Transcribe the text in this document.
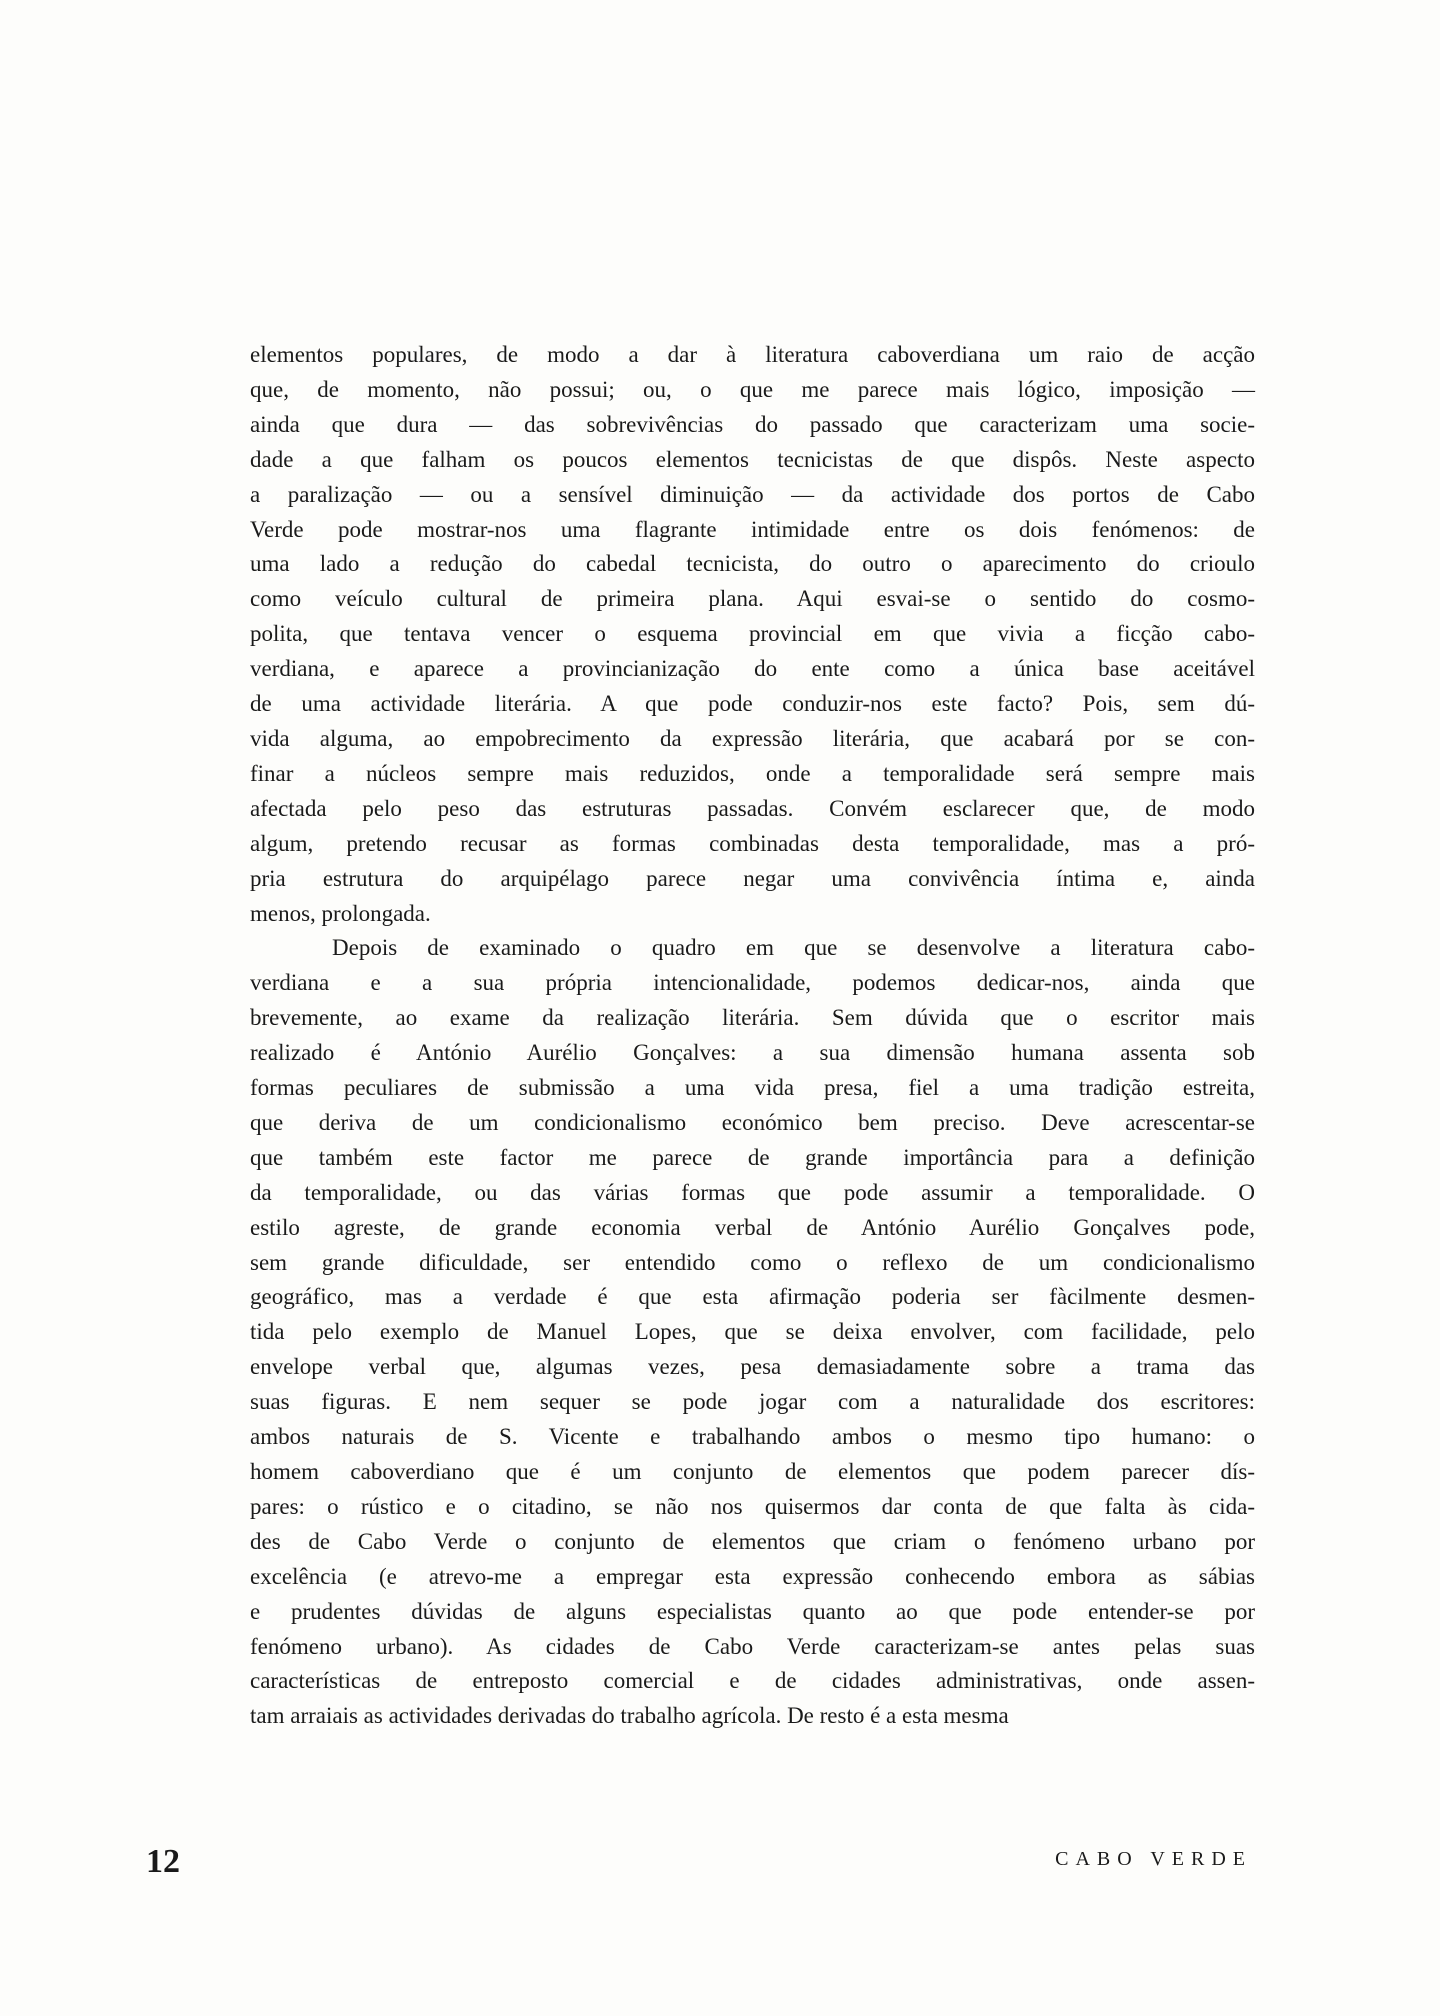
elementos populares, de modo a dar à literatura caboverdiana um raio de acção
que, de momento, não possui; ou, o que me parece mais lógico, imposição —
ainda que dura — das sobrevivências do passado que caracterizam uma socie-
dade a que falham os poucos elementos tecnicistas de que dispôs. Neste aspecto
a paralização — ou a sensível diminuição — da actividade dos portos de Cabo
Verde pode mostrar-nos uma flagrante intimidade entre os dois fenómenos: de
uma lado a redução do cabedal tecnicista, do outro o aparecimento do crioulo
como veículo cultural de primeira plana. Aqui esvai-se o sentido do cosmo-
polita, que tentava vencer o esquema provincial em que vivia a ficção cabo-
verdiana, e aparece a provincianização do ente como a única base aceitável
de uma actividade literária. A que pode conduzir-nos este facto? Pois, sem dú-
vida alguma, ao empobrecimento da expressão literária, que acabará por se con-
finar a núcleos sempre mais reduzidos, onde a temporalidade será sempre mais
afectada pelo peso das estruturas passadas. Convém esclarecer que, de modo
algum, pretendo recusar as formas combinadas desta temporalidade, mas a pró-
pria estrutura do arquipélago parece negar uma convivência íntima e, ainda
menos, prolongada.
Depois de examinado o quadro em que se desenvolve a literatura cabo-
verdiana e a sua própria intencionalidade, podemos dedicar-nos, ainda que
brevemente, ao exame da realização literária. Sem dúvida que o escritor mais
realizado é António Aurélio Gonçalves: a sua dimensão humana assenta sob
formas peculiares de submissão a uma vida presa, fiel a uma tradição estreita,
que deriva de um condicionalismo económico bem preciso. Deve acrescentar-se
que também este factor me parece de grande importância para a definição
da temporalidade, ou das várias formas que pode assumir a temporalidade. O
estilo agreste, de grande economia verbal de António Aurélio Gonçalves pode,
sem grande dificuldade, ser entendido como o reflexo de um condicionalismo
geográfico, mas a verdade é que esta afirmação poderia ser fàcilmente desmen-
tida pelo exemplo de Manuel Lopes, que se deixa envolver, com facilidade, pelo
envelope verbal que, algumas vezes, pesa demasiadamente sobre a trama das
suas figuras. E nem sequer se pode jogar com a naturalidade dos escritores:
ambos naturais de S. Vicente e trabalhando ambos o mesmo tipo humano: o
homem caboverdiano que é um conjunto de elementos que podem parecer dís-
pares: o rústico e o citadino, se não nos quisermos dar conta de que falta às cida-
des de Cabo Verde o conjunto de elementos que criam o fenómeno urbano por
excelência (e atrevo-me a empregar esta expressão conhecendo embora as sábias
e prudentes dúvidas de alguns especialistas quanto ao que pode entender-se por
fenómeno urbano). As cidades de Cabo Verde caracterizam-se antes pelas suas
características de entreposto comercial e de cidades administrativas, onde assen-
tam arraiais as actividades derivadas do trabalho agrícola. De resto é a esta mesma
12	CABO VERDE
